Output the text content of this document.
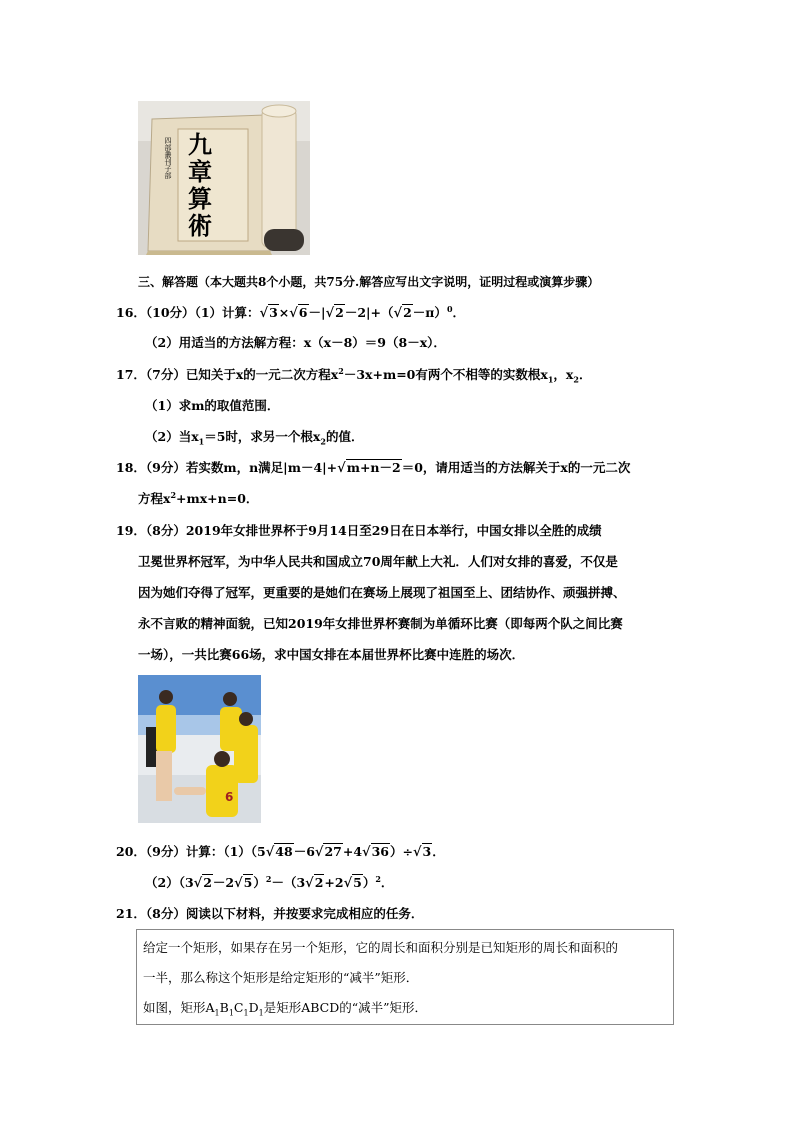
九
章
算
術
四部叢刊子部
三、解答题（本大题共8个小题，共75分.解答应写出文字说明，证明过程或演算步骤）
16．（10分）（1）计算：$√3\times√6-|√2-2|+(√2-\pi)^0$．
（2）用适当的方法解方程：x（x－8）＝9（8－x）．
17．（7分）已知关于x的一元二次方程$x^2-3x+m=0$有两个不相等的实数根$x_1$，$x_2$．
（1）求m的取值范围．
（2）当$x_1=5$时，求另一个根$x_2$的值．
18．（9分）若实数m，n满足|m－4|+√m+n－2＝0，请用适当的方法解关于x的一元二次
方程$x^2+mx+n=0$．
19．（8分）2019年女排世界杯于9月14日至29日在日本举行，中国女排以全胜的成绩
卫冕世界杯冠军，为中华人民共和国成立70周年献上大礼．人们对女排的喜爱，不仅是
因为她们夺得了冠军，更重要的是她们在赛场上展现了祖国至上、团结协作、顽强拼搏、
永不言败的精神面貌，已知2019年女排世界杯赛制为单循环比赛（即每两个队之间比赛
一场），一共比赛66场，求中国女排在本届世界杯比赛中连胜的场次．
6
20．（9分）计算：（1）（5√48－6√27+4√36）÷√3．
$(2)(3√2-2√5)^2-(3√2+2√5)^2$．
21．（8分）阅读以下材料，并按要求完成相应的任务．
给定一个矩形，如果存在另一个矩形，它的周长和面积分别是已知矩形的周长和面积的
一半，那么称这个矩形是给定矩形的“减半”矩形．
如图，矩形$A_1B_1C_1D_1$是矩形ABCD的“减半”矩形．
